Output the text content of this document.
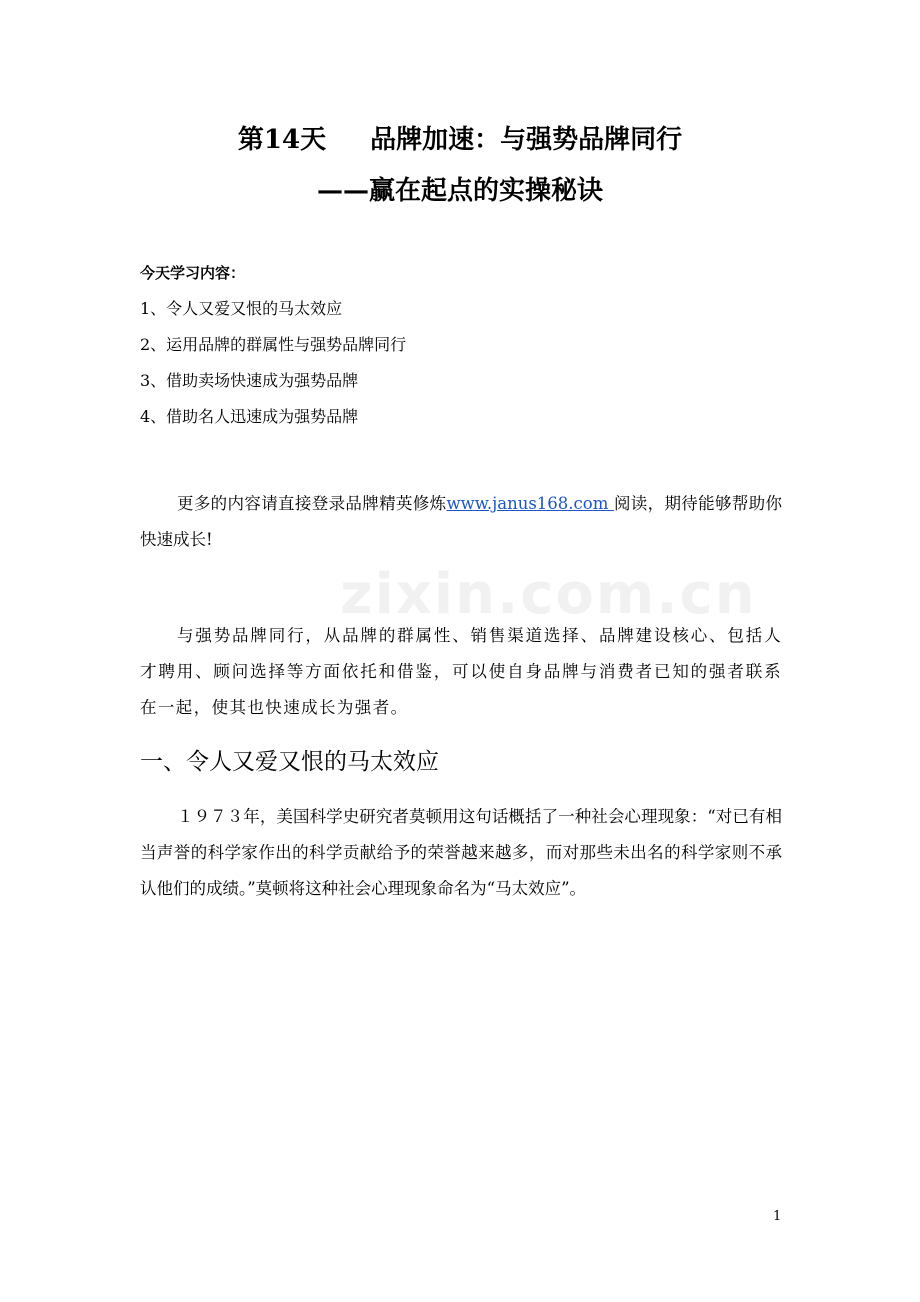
第14天 品牌加速：与强势品牌同行
——赢在起点的实操秘诀
今天学习内容：
1、令人又爱又恨的马太效应
2、运用品牌的群属性与强势品牌同行
3、借助卖场快速成为强势品牌
4、借助名人迅速成为强势品牌

更多的内容请直接登录品牌精英修炼www.janus168.com 阅读，期待能够帮助你快速成长!

zixin.com.cn

与强势品牌同行，从品牌的群属性、销售渠道选择、品牌建设核心、包括人才聘用、顾问选择等方面依托和借鉴，可以使自身品牌与消费者已知的强者联系在一起，使其也快速成长为强者。

一、令人又爱又恨的马太效应

１９７３年，美国科学史研究者莫顿用这句话概括了一种社会心理现象：“对已有相当声誉的科学家作出的科学贡献给予的荣誉越来越多，而对那些未出名的科学家则不承认他们的成绩。”莫顿将这种社会心理现象命名为“马太效应”。

1
